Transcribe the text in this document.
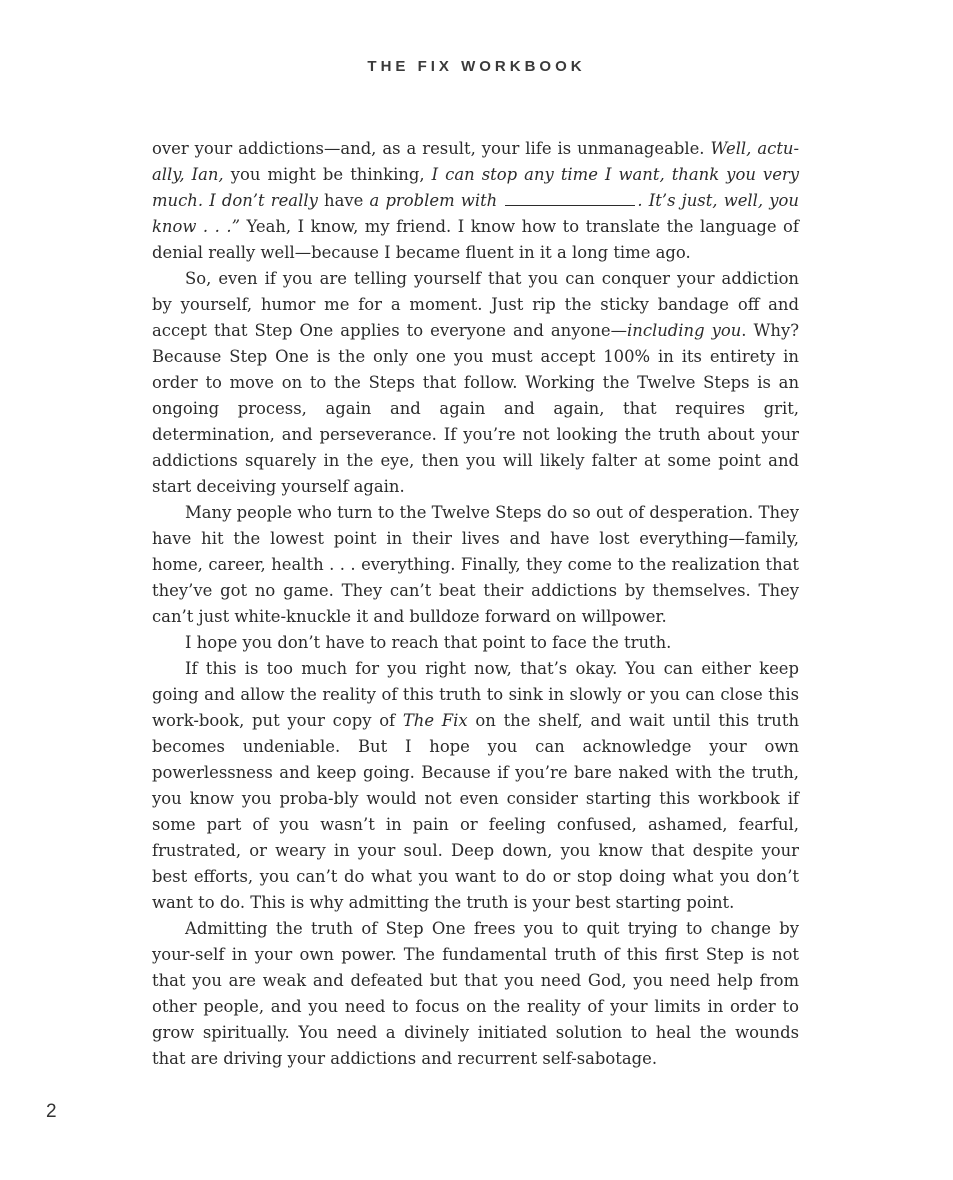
THE FIX WORKBOOK

over your addictions—and, as a result, your life is unmanageable. Well, actu-ally, Ian, you might be thinking, I can stop any time I want, thank you very much. I don’t really have a problem with	. It’s just, well, you know . . .” Yeah, I know, my friend. I know how to translate the language of denial really well—because I became fluent in it a long time ago.

So, even if you are telling yourself that you can conquer your addiction by yourself, humor me for a moment. Just rip the sticky bandage off and accept that Step One applies to everyone and anyone—including you. Why? Because Step One is the only one you must accept 100% in its entirety in order to move on to the Steps that follow. Working the Twelve Steps is an ongoing process, again and again and again, that requires grit, determination, and perseverance. If you’re not looking the truth about your addictions squarely in the eye, then you will likely falter at some point and start deceiving yourself again.

Many people who turn to the Twelve Steps do so out of desperation. They have hit the lowest point in their lives and have lost everything—family, home, career, health . . . everything. Finally, they come to the realization that they’ve got no game. They can’t beat their addictions by themselves. They can’t just white-knuckle it and bulldoze forward on willpower.

I hope you don’t have to reach that point to face the truth.

If this is too much for you right now, that’s okay. You can either keep going and allow the reality of this truth to sink in slowly or you can close this work-book, put your copy of The Fix on the shelf, and wait until this truth becomes undeniable. But I hope you can acknowledge your own powerlessness and keep going. Because if you’re bare naked with the truth, you know you proba-bly would not even consider starting this workbook if some part of you wasn’t in pain or feeling confused, ashamed, fearful, frustrated, or weary in your soul. Deep down, you know that despite your best efforts, you can’t do what you want to do or stop doing what you don’t want to do. This is why admitting the truth is your best starting point.

Admitting the truth of Step One frees you to quit trying to change by your-self in your own power. The fundamental truth of this first Step is not that you are weak and defeated but that you need God, you need help from other people, and you need to focus on the reality of your limits in order to grow spiritually. You need a divinely initiated solution to heal the wounds that are driving your addictions and recurrent self-sabotage.

2
